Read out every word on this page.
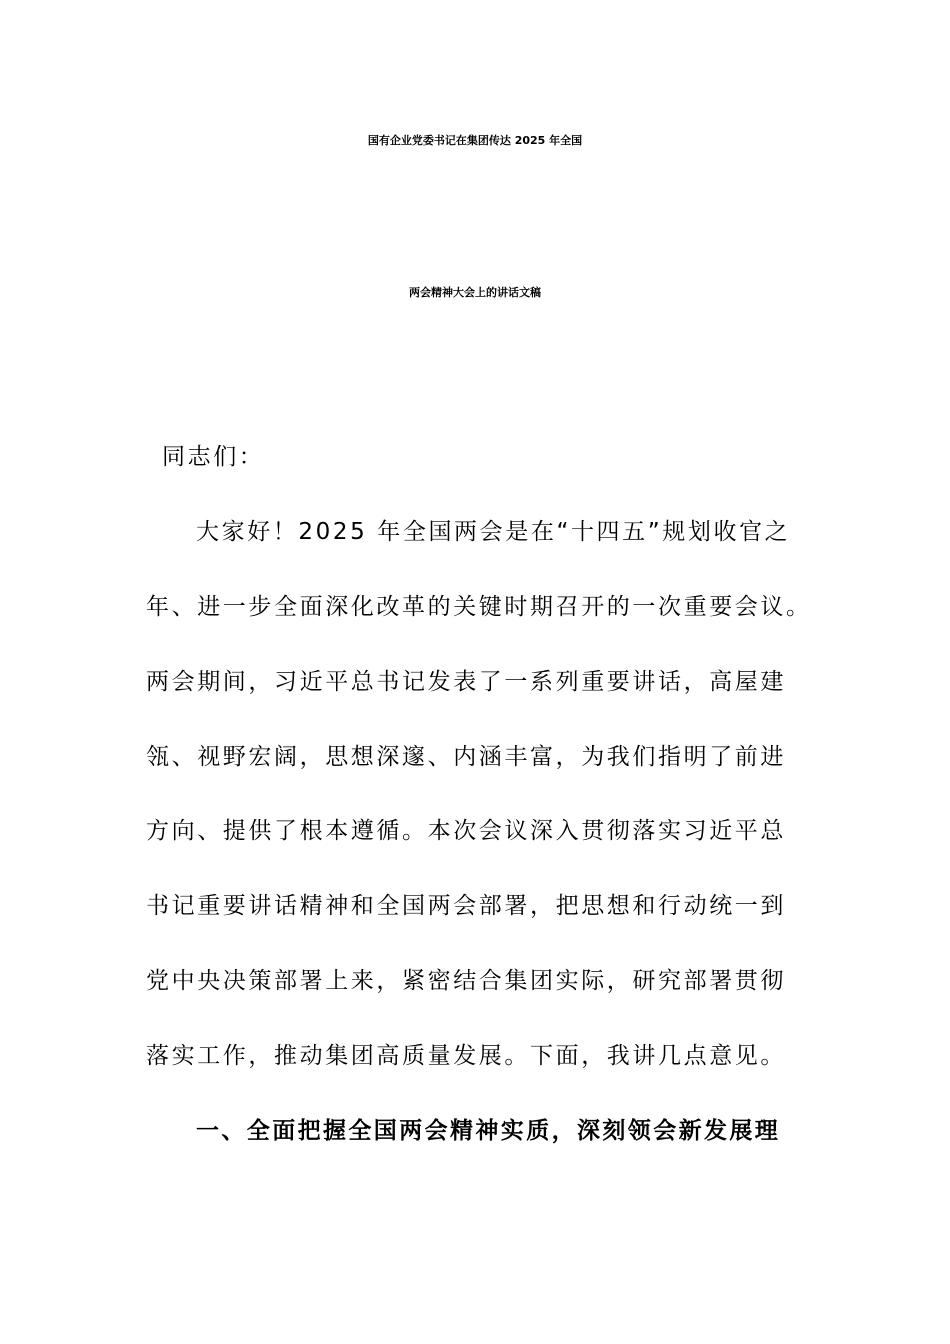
国有企业党委书记在集团传达 2025 年全国
两会精神大会上的讲话文稿
同志们：
大家好！2025 年全国两会是在“十四五”规划收官之
年、进一步全面深化改革的关键时期召开的一次重要会议。
两会期间，习近平总书记发表了一系列重要讲话，高屋建
瓴、视野宏阔，思想深邃、内涵丰富，为我们指明了前进
方向、提供了根本遵循。本次会议深入贯彻落实习近平总
书记重要讲话精神和全国两会部署，把思想和行动统一到
党中央决策部署上来，紧密结合集团实际，研究部署贯彻
落实工作，推动集团高质量发展。下面，我讲几点意见。
一、全面把握全国两会精神实质，深刻领会新发展理
